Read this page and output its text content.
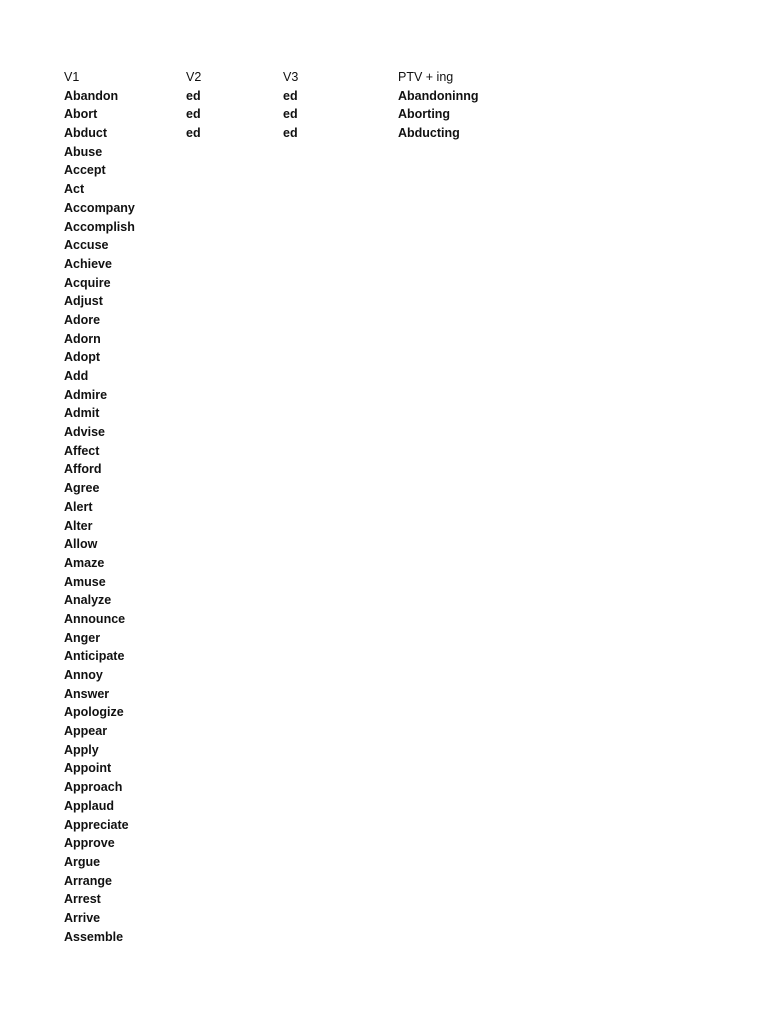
V1	V2	V3	PTV + ing
Abandon	ed	ed	Abandoninng
Abort	ed	ed	Aborting
Abduct	ed	ed	Abducting
Abuse
Accept
Act
Accompany
Accomplish
Accuse
Achieve
Acquire
Adjust
Adore
Adorn
Adopt
Add
Admire
Admit
Advise
Affect
Afford
Agree
Alert
Alter
Allow
Amaze
Amuse
Analyze
Announce
Anger
Anticipate
Annoy
Answer
Apologize
Appear
Apply
Appoint
Approach
Applaud
Appreciate
Approve
Argue
Arrange
Arrest
Arrive
Assemble
